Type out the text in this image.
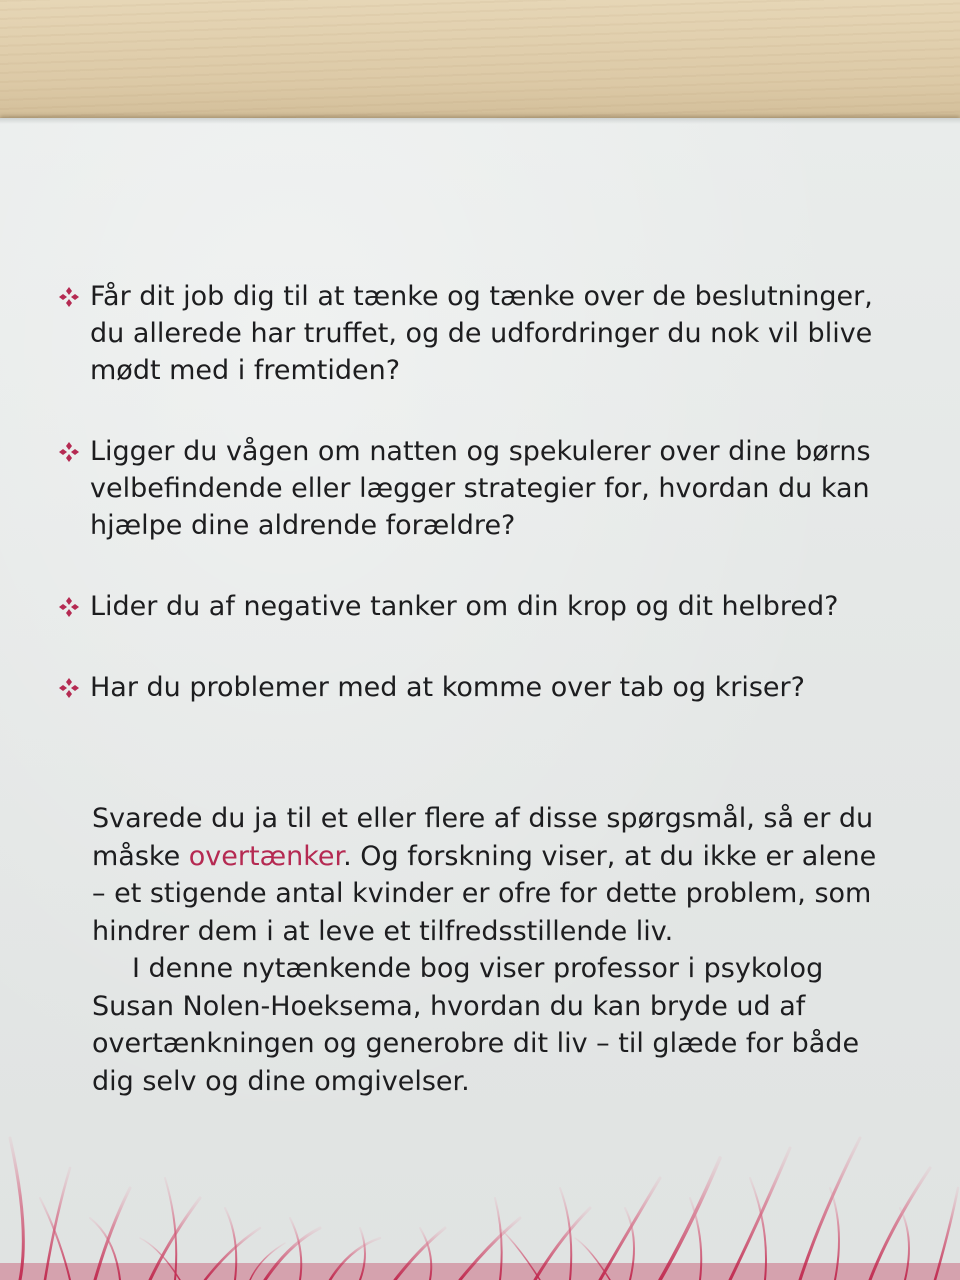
Får dit job dig til at tænke og tænke over de beslutninger,
du allerede har truffet, og de udfordringer du nok vil blive
mødt med i fremtiden?
Ligger du vågen om natten og spekulerer over dine børns
velbefindende eller lægger strategier for, hvordan du kan
hjælpe dine aldrende forældre?
Lider du af negative tanker om din krop og dit helbred?
Har du problemer med at komme over tab og kriser?

Svarede du ja til et eller flere af disse spørgsmål, så er du
måske overtænker. Og forskning viser, at du ikke er alene
– et stigende antal kvinder er ofre for dette problem, som
hindrer dem i at leve et tilfredsstillende liv.

I denne nytænkende bog viser professor i psykolog
Susan Nolen-Hoeksema, hvordan du kan bryde ud af
overtænkningen og generobre dit liv – til glæde for både
dig selv og dine omgivelser.
